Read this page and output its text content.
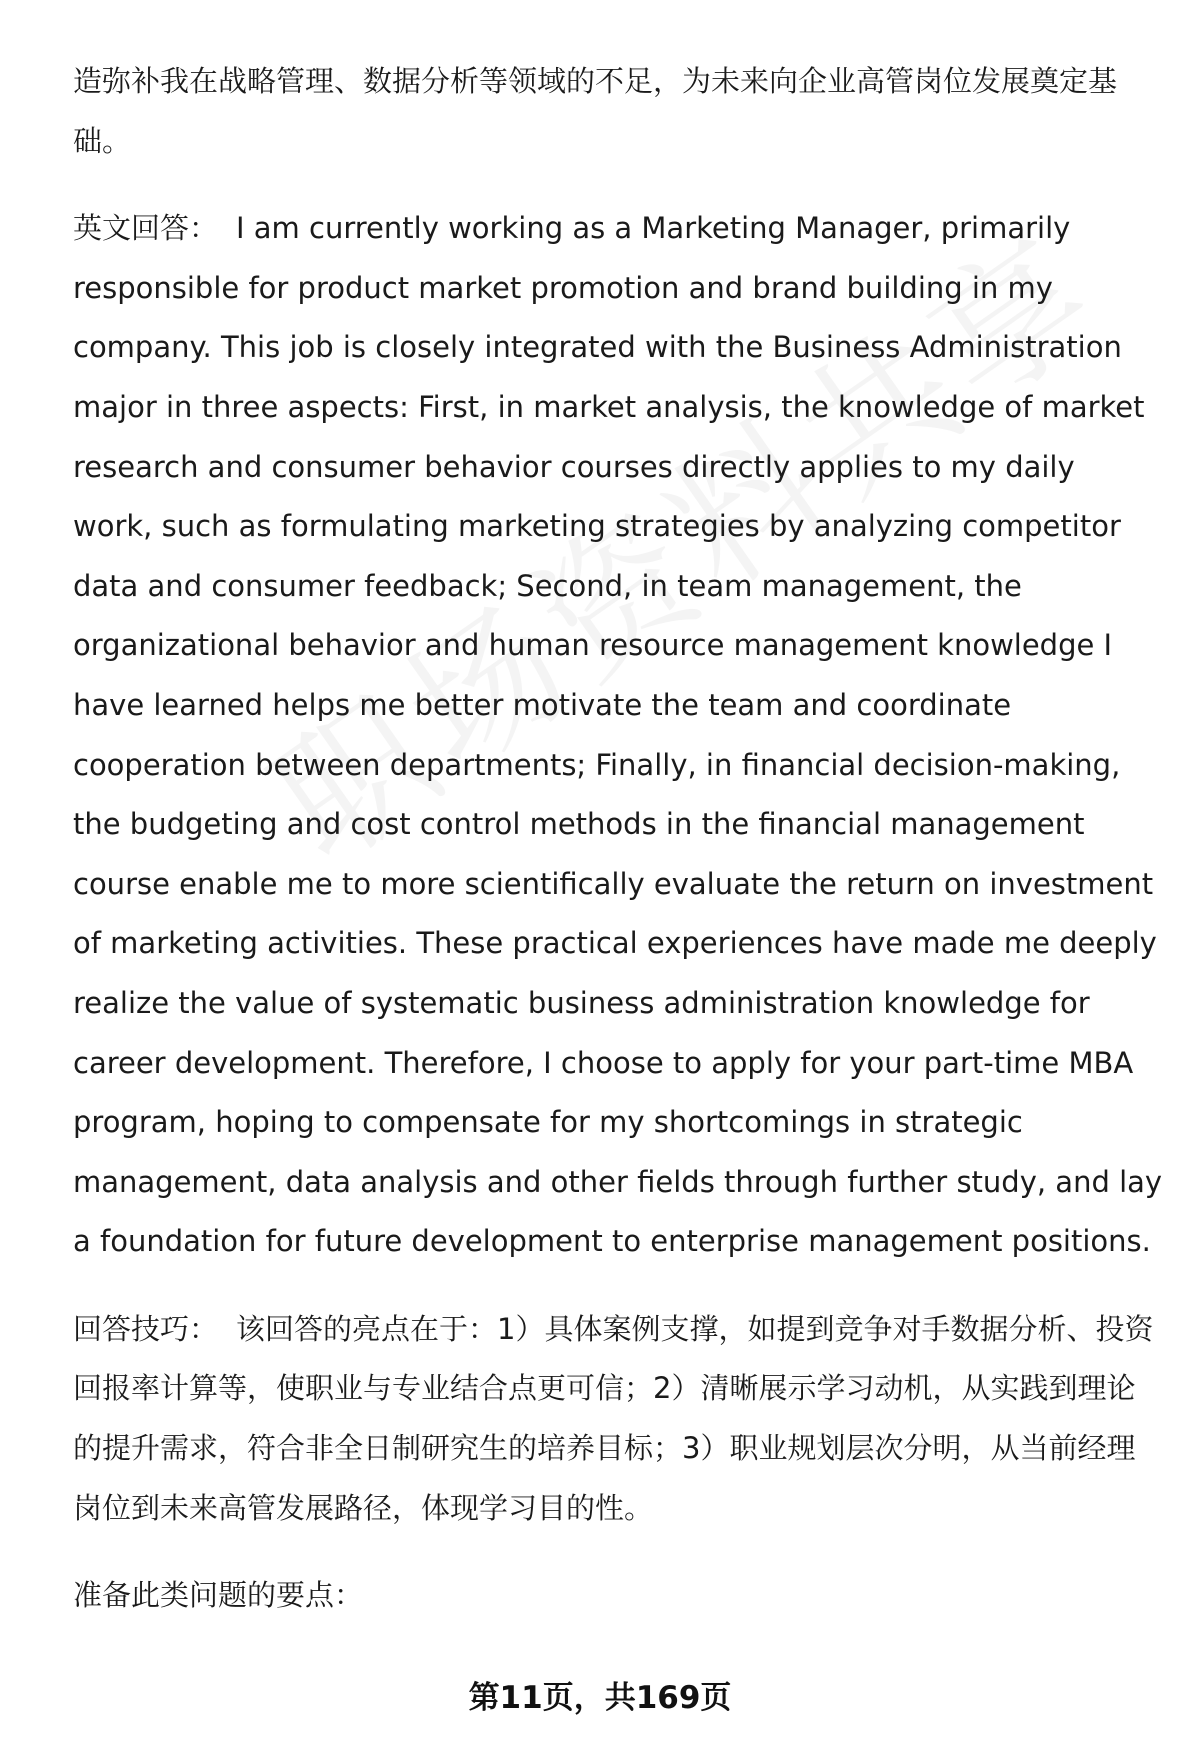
造弥补我在战略管理、数据分析等领域的不足，为未来向企业高管岗位发展奠定基础。

英文回答： I am currently working as a Marketing Manager, primarily responsible for product market promotion and brand building in my company. This job is closely integrated with the Business Administration major in three aspects: First, in market analysis, the knowledge of market research and consumer behavior courses directly applies to my daily work, such as formulating marketing strategies by analyzing competitor data and consumer feedback; Second, in team management, the organizational behavior and human resource management knowledge I have learned helps me better motivate the team and coordinate cooperation between departments; Finally, in financial decision-making, the budgeting and cost control methods in the financial management course enable me to more scientifically evaluate the return on investment of marketing activities. These practical experiences have made me deeply realize the value of systematic business administration knowledge for career development. Therefore, I choose to apply for your part-time MBA program, hoping to compensate for my shortcomings in strategic management, data analysis and other fields through further study, and lay a foundation for future development to enterprise management positions.

回答技巧： 该回答的亮点在于：1）具体案例支撑，如提到竞争对手数据分析、投资回报率计算等，使职业与专业结合点更可信；2）清晰展示学习动机，从实践到理论的提升需求，符合非全日制研究生的培养目标；3）职业规划层次分明，从当前经理岗位到未来高管发展路径，体现学习目的性。

准备此类问题的要点：

第11页，共169页
